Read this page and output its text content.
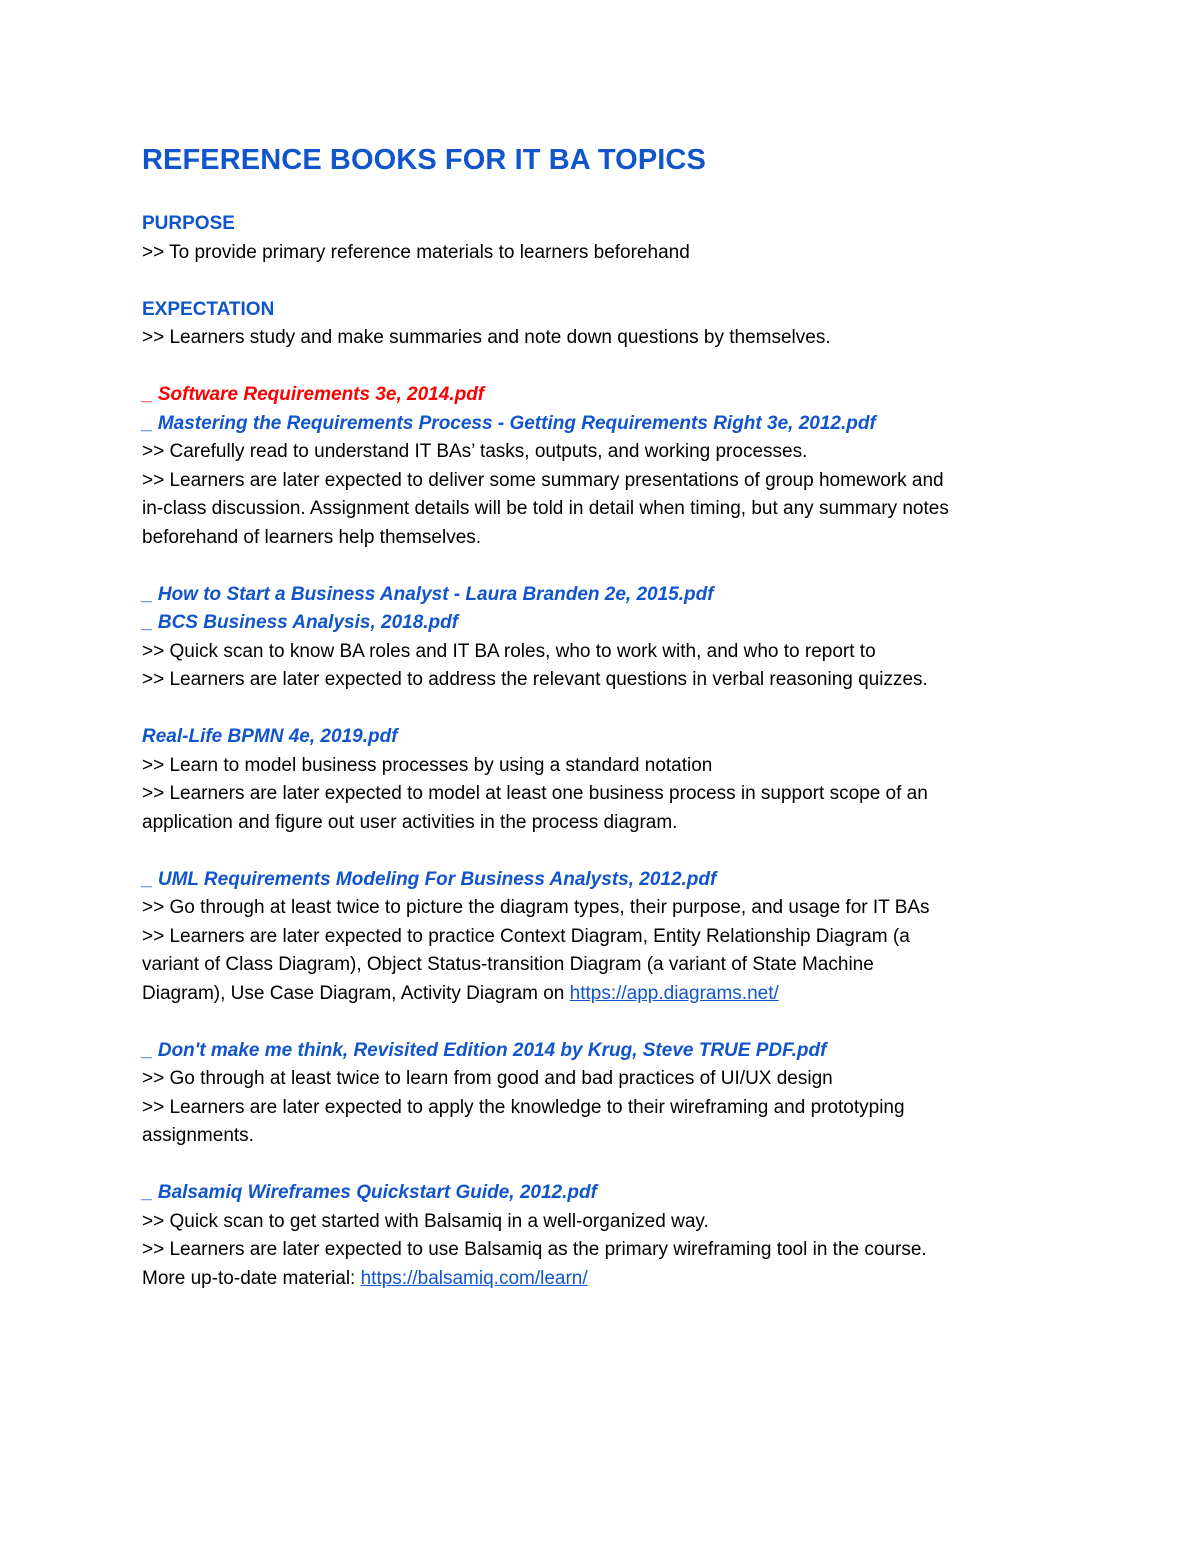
REFERENCE BOOKS FOR IT BA TOPICS
PURPOSE

>> To provide primary reference materials to learners beforehand

EXPECTATION

>> Learners study and make summaries and note down questions by themselves.

_ Software Requirements 3e, 2014.pdf

_ Mastering the Requirements Process - Getting Requirements Right 3e, 2012.pdf

>> Carefully read to understand IT BAs’ tasks, outputs, and working processes.

>> Learners are later expected to deliver some summary presentations of group homework and

in-class discussion. Assignment details will be told in detail when timing, but any summary notes

beforehand of learners help themselves.

_ How to Start a Business Analyst - Laura Branden 2e, 2015.pdf

_ BCS Business Analysis, 2018.pdf

>> Quick scan to know BA roles and IT BA roles, who to work with, and who to report to

>> Learners are later expected to address the relevant questions in verbal reasoning quizzes.

Real-Life BPMN 4e, 2019.pdf

>> Learn to model business processes by using a standard notation

>> Learners are later expected to model at least one business process in support scope of an

application and figure out user activities in the process diagram.

_ UML Requirements Modeling For Business Analysts, 2012.pdf

>> Go through at least twice to picture the diagram types, their purpose, and usage for IT BAs

>> Learners are later expected to practice Context Diagram, Entity Relationship Diagram (a

variant of Class Diagram), Object Status-transition Diagram (a variant of State Machine

Diagram), Use Case Diagram, Activity Diagram on https://app.diagrams.net/

_ Don't make me think, Revisited Edition 2014 by Krug, Steve TRUE PDF.pdf

>> Go through at least twice to learn from good and bad practices of UI/UX design

>> Learners are later expected to apply the knowledge to their wireframing and prototyping

assignments.

_ Balsamiq Wireframes Quickstart Guide, 2012.pdf

>> Quick scan to get started with Balsamiq in a well-organized way.

>> Learners are later expected to use Balsamiq as the primary wireframing tool in the course.

More up-to-date material: https://balsamiq.com/learn/
